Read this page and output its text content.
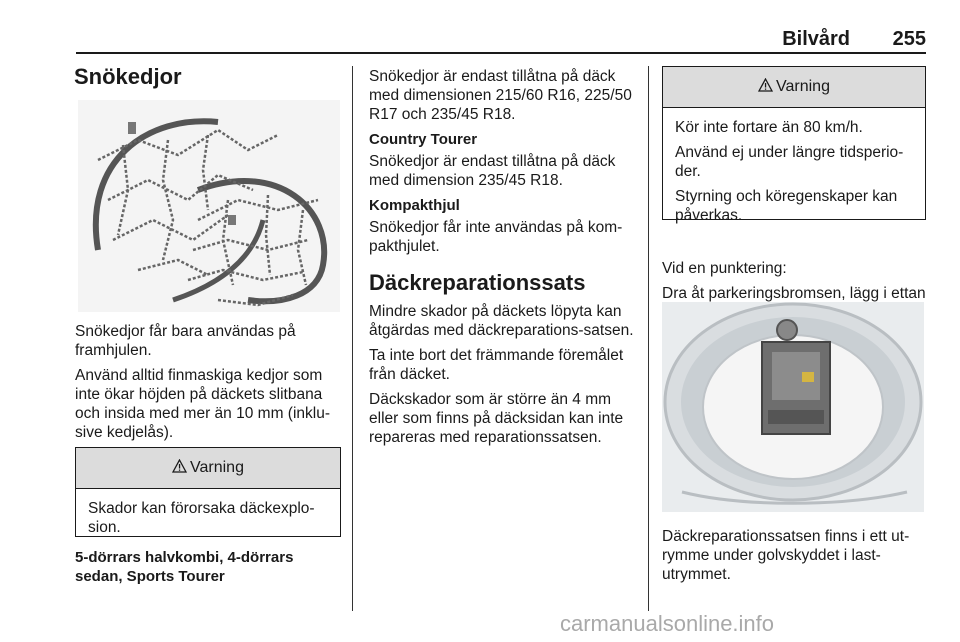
Bilvård	255
Snökedjor

Snökedjor får bara användas på framhjulen.

Använd alltid finmaskiga kedjor som inte ökar höjden på däckets slitbana och insida med mer än 10 mm (inklu-sive kedjelås).

Varning

Skador kan förorsaka däckexplo-sion.

5-dörrars halvkombi, 4-dörrars sedan, Sports Tourer

Snökedjor är endast tillåtna på däck med dimensionen 215/60 R16, 225/50 R17 och 235/45 R18.

Country Tourer

Snökedjor är endast tillåtna på däck med dimension 235/45 R18.

Kompakthjul

Snökedjor får inte användas på kom-pakthjulet.

Däckreparationssats

Mindre skador på däckets löpyta kan åtgärdas med däckreparations-satsen.

Ta inte bort det främmande föremålet från däcket.

Däckskador som är större än 4 mm eller som finns på däcksidan kan inte repareras med reparationssatsen.

Varning

Kör inte fortare än 80 km/h.

Använd ej under längre tidsperio-der.

Styrning och köregenskaper kan påverkas.

Vid en punktering:

Dra åt parkeringsbromsen, lägg i ettan

Däckreparationssatsen finns i ett ut-rymme under golvskyddet i last-utrymmet.

carmanualsonline.info
